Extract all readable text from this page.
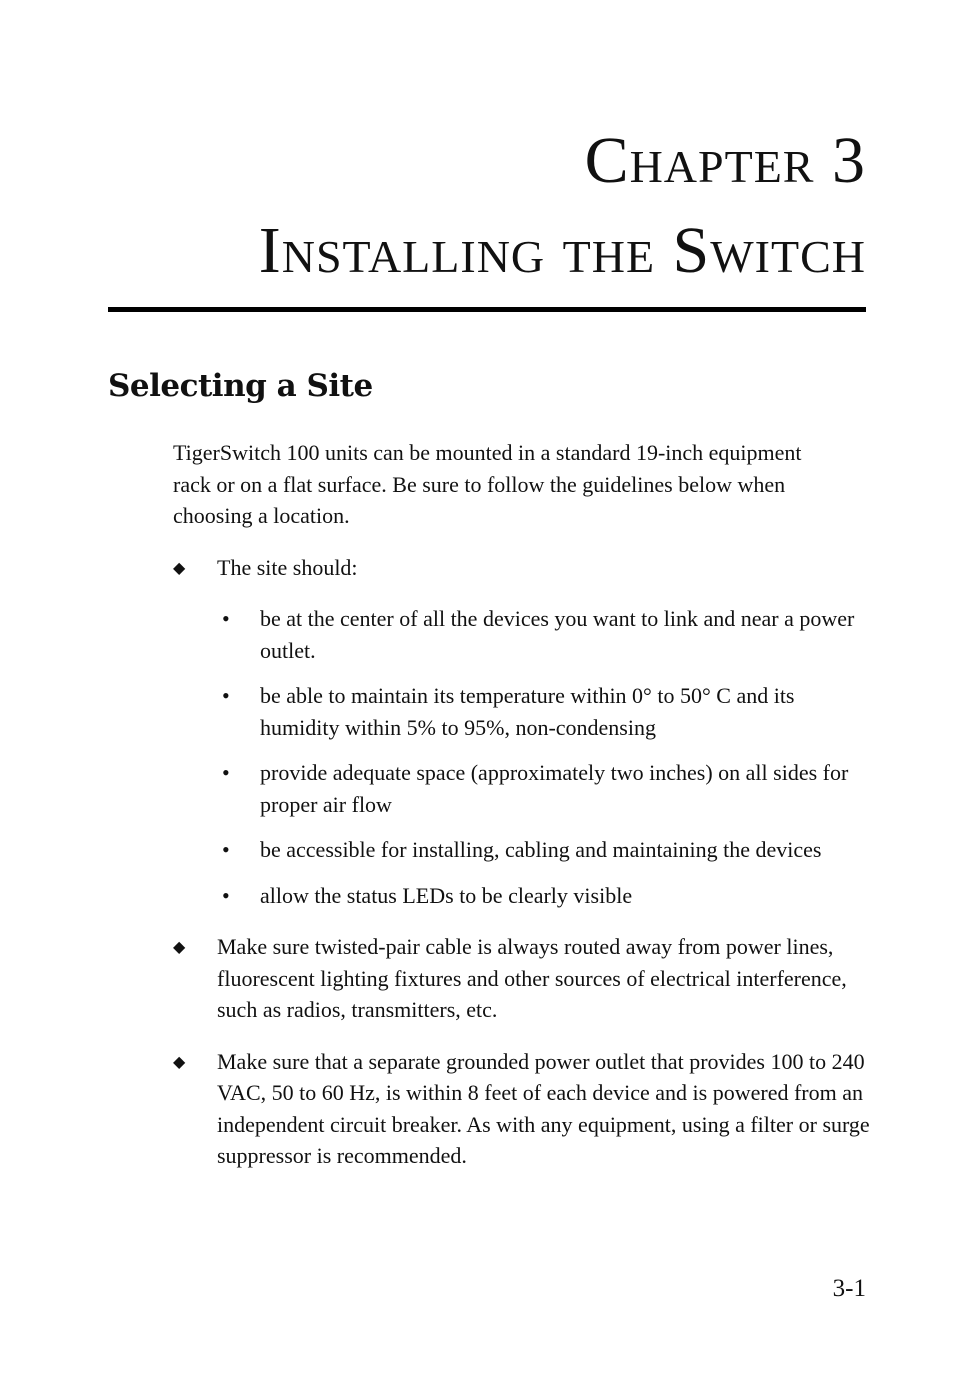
Chapter 3
Installing the Switch
Selecting a Site

TigerSwitch 100 units can be mounted in a standard 19-inch equipment rack or on a flat surface. Be sure to follow the guidelines below when choosing a location.

◆ The site should:
• be at the center of all the devices you want to link and near a power outlet.
• be able to maintain its temperature within 0° to 50° C and its humidity within 5% to 95%, non-condensing
• provide adequate space (approximately two inches) on all sides for proper air flow
• be accessible for installing, cabling and maintaining the devices
• allow the status LEDs to be clearly visible
◆ Make sure twisted-pair cable is always routed away from power lines, fluorescent lighting fixtures and other sources of electrical interference, such as radios, transmitters, etc.
◆ Make sure that a separate grounded power outlet that provides 100 to 240 VAC, 50 to 60 Hz, is within 8 feet of each device and is powered from an independent circuit breaker. As with any equipment, using a filter or surge suppressor is recommended.

3-1
